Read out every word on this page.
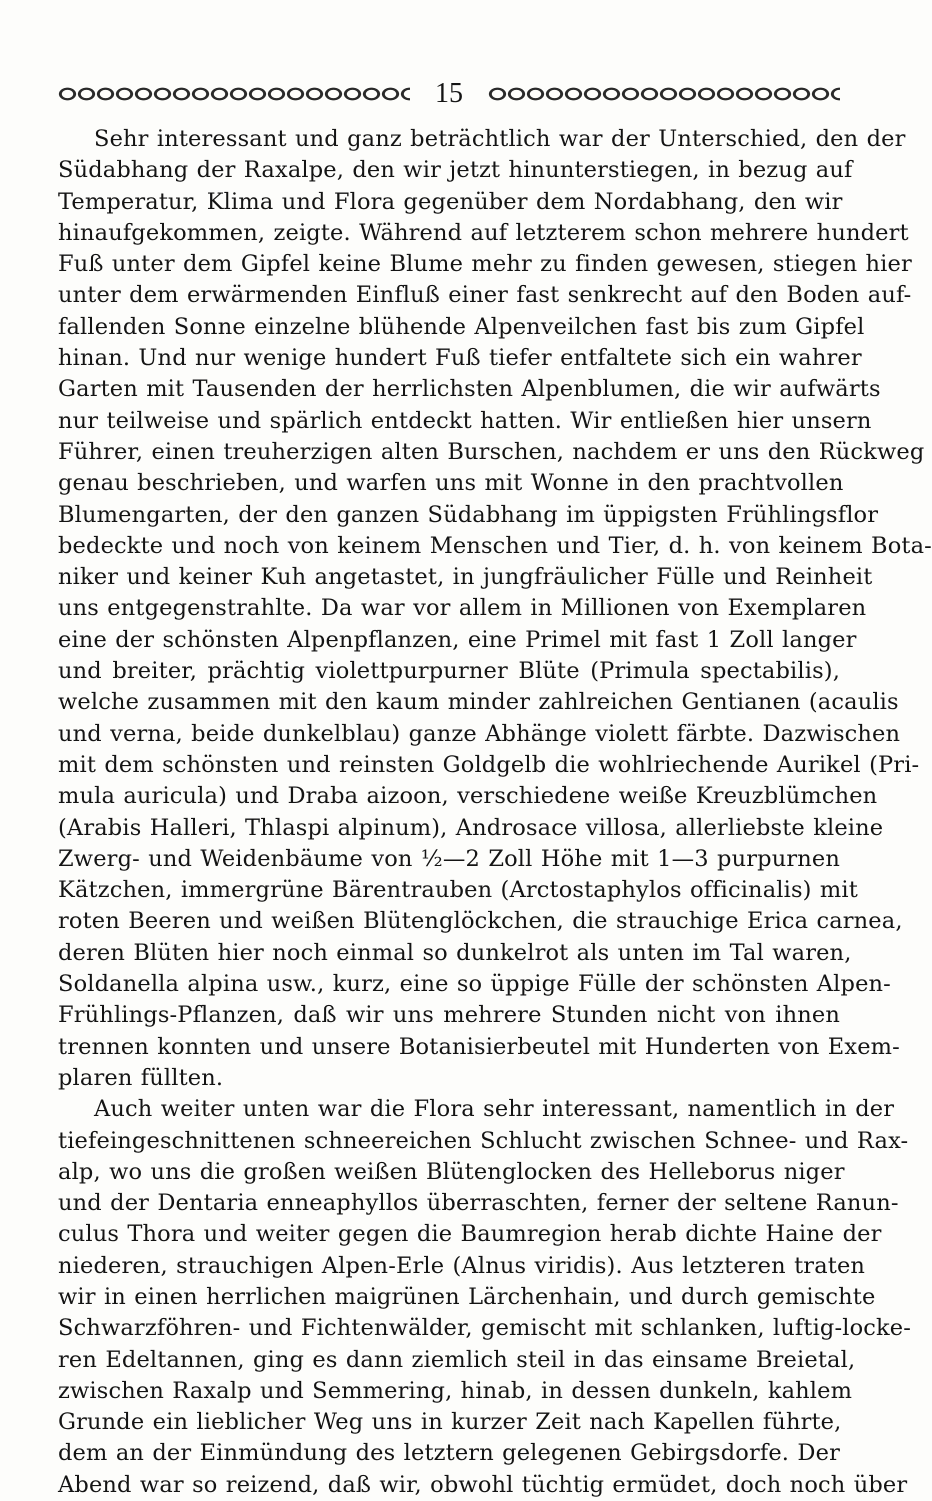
15
Sehr interessant und ganz beträchtlich war der Unterschied, den der
Südabhang der Raxalpe, den wir jetzt hinunterstiegen, in bezug auf
Temperatur, Klima und Flora gegenüber dem Nordabhang, den wir
hinaufgekommen, zeigte. Während auf letzterem schon mehrere hundert
Fuß unter dem Gipfel keine Blume mehr zu finden gewesen, stiegen hier
unter dem erwärmenden Einfluß einer fast senkrecht auf den Boden auf-
fallenden Sonne einzelne blühende Alpenveilchen fast bis zum Gipfel
hinan. Und nur wenige hundert Fuß tiefer entfaltete sich ein wahrer
Garten mit Tausenden der herrlichsten Alpenblumen, die wir aufwärts
nur teilweise und spärlich entdeckt hatten. Wir entließen hier unsern
Führer, einen treuherzigen alten Burschen, nachdem er uns den Rückweg
genau beschrieben, und warfen uns mit Wonne in den prachtvollen
Blumengarten, der den ganzen Südabhang im üppigsten Frühlingsflor
bedeckte und noch von keinem Menschen und Tier, d. h. von keinem Bota-
niker und keiner Kuh angetastet, in jungfräulicher Fülle und Reinheit
uns entgegenstrahlte. Da war vor allem in Millionen von Exemplaren
eine der schönsten Alpenpflanzen, eine Primel mit fast 1 Zoll langer
und breiter, prächtig violettpurpurner Blüte (Primula spectabilis),
welche zusammen mit den kaum minder zahlreichen Gentianen (acaulis
und verna, beide dunkelblau) ganze Abhänge violett färbte. Dazwischen
mit dem schönsten und reinsten Goldgelb die wohlriechende Aurikel (Pri-
mula auricula) und Draba aizoon, verschiedene weiße Kreuzblümchen
(Arabis Halleri, Thlaspi alpinum), Androsace villosa, allerliebste kleine
Zwerg- und Weidenbäume von ½—2 Zoll Höhe mit 1—3 purpurnen
Kätzchen, immergrüne Bärentrauben (Arctostaphylos officinalis) mit
roten Beeren und weißen Blütenglöckchen, die strauchige Erica carnea,
deren Blüten hier noch einmal so dunkelrot als unten im Tal waren,
Soldanella alpina usw., kurz, eine so üppige Fülle der schönsten Alpen-
Frühlings-Pflanzen, daß wir uns mehrere Stunden nicht von ihnen
trennen konnten und unsere Botanisierbeutel mit Hunderten von Exem-
plaren füllten.
Auch weiter unten war die Flora sehr interessant, namentlich in der
tiefeingeschnittenen schneereichen Schlucht zwischen Schnee- und Rax-
alp, wo uns die großen weißen Blütenglocken des Helleborus niger
und der Dentaria enneaphyllos überraschten, ferner der seltene Ranun-
culus Thora und weiter gegen die Baumregion herab dichte Haine der
niederen, strauchigen Alpen-Erle (Alnus viridis). Aus letzteren traten
wir in einen herrlichen maigrünen Lärchenhain, und durch gemischte
Schwarzföhren- und Fichtenwälder, gemischt mit schlanken, luftig-locke-
ren Edeltannen, ging es dann ziemlich steil in das einsame Breietal,
zwischen Raxalp und Semmering, hinab, in dessen dunkeln, kahlem
Grunde ein lieblicher Weg uns in kurzer Zeit nach Kapellen führte,
dem an der Einmündung des letztern gelegenen Gebirgsdorfe. Der
Abend war so reizend, daß wir, obwohl tüchtig ermüdet, doch noch über
